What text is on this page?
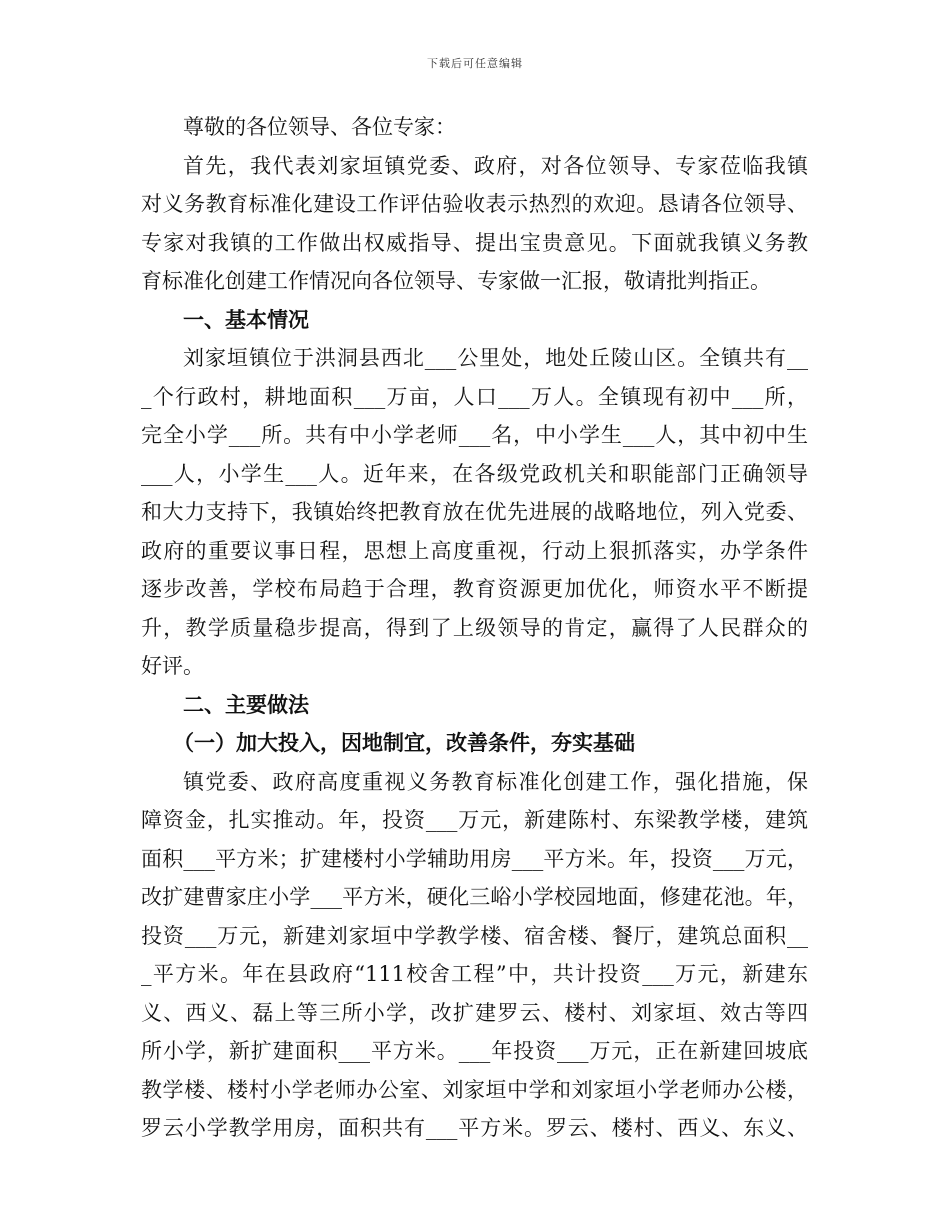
下载后可任意编辑
尊敬的各位领导、各位专家：
首先，我代表刘家垣镇党委、政府，对各位领导、专家莅临我镇
对义务教育标准化建设工作评估验收表示热烈的欢迎。恳请各位领导、
专家对我镇的工作做出权威指导、提出宝贵意见。下面就我镇义务教
育标准化创建工作情况向各位领导、专家做一汇报，敬请批判指正。
一、基本情况
刘家垣镇位于洪洞县西北___公里处，地处丘陵山区。全镇共有__
_个行政村，耕地面积___万亩，人口___万人。全镇现有初中___所，
完全小学___所。共有中小学老师___名，中小学生___人，其中初中生
___人，小学生___人。近年来，在各级党政机关和职能部门正确领导
和大力支持下，我镇始终把教育放在优先进展的战略地位，列入党委、
政府的重要议事日程，思想上高度重视，行动上狠抓落实，办学条件
逐步改善，学校布局趋于合理，教育资源更加优化，师资水平不断提
升，教学质量稳步提高，得到了上级领导的肯定，赢得了人民群众的
好评。
二、主要做法
（一）加大投入，因地制宜，改善条件，夯实基础
镇党委、政府高度重视义务教育标准化创建工作，强化措施，保
障资金，扎实推动。年，投资___万元，新建陈村、东梁教学楼，建筑
面积___平方米；扩建楼村小学辅助用房___平方米。年，投资___万元，
改扩建曹家庄小学___平方米，硬化三峪小学校园地面，修建花池。年，
投资___万元，新建刘家垣中学教学楼、宿舍楼、餐厅，建筑总面积__
_平方米。年在县政府“111校舍工程”中，共计投资___万元，新建东
义、西义、磊上等三所小学，改扩建罗云、楼村、刘家垣、效古等四
所小学，新扩建面积___平方米。___年投资___万元，正在新建回坡底
教学楼、楼村小学老师办公室、刘家垣中学和刘家垣小学老师办公楼，
罗云小学教学用房，面积共有___平方米。罗云、楼村、西义、东义、
